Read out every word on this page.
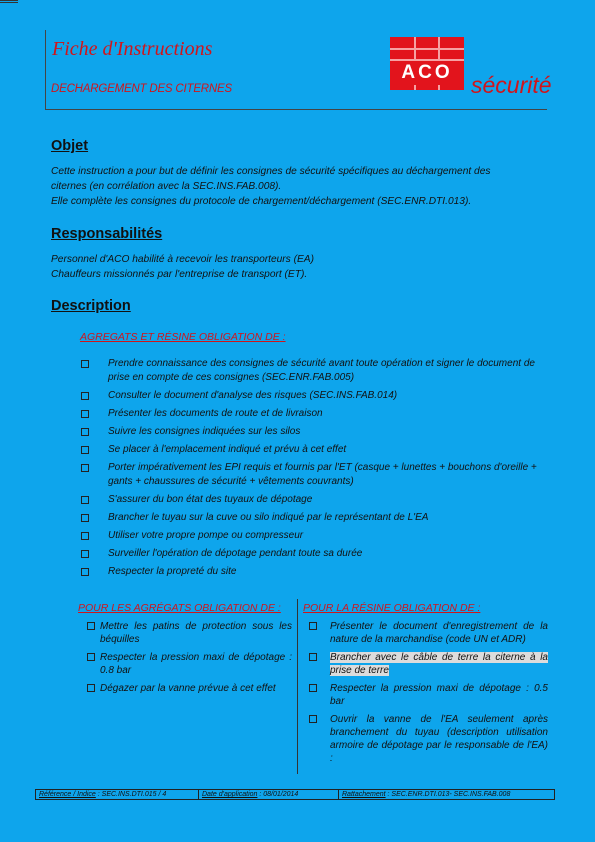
Fiche d'Instructions
DECHARGEMENT DES CITERNES
ACO sécurité
Objet
Cette instruction a pour but de définir les consignes de sécurité spécifiques au déchargement des
citernes (en corrélation avec la SEC.INS.FAB.008).
Elle complète les consignes du protocole de chargement/déchargement (SEC.ENR.DTI.013).
Responsabilités
Personnel d'ACO habilité à recevoir les transporteurs (EA)
Chauffeurs missionnés par l'entreprise de transport (ET).
Description
AGREGATS ET RÉSINE OBLIGATION DE :
Prendre connaissance des consignes de sécurité avant toute opération et signer le document de prise en compte de ces consignes (SEC.ENR.FAB.005)
Consulter le document d'analyse des risques (SEC.INS.FAB.014)
Présenter les documents de route et de livraison
Suivre les consignes indiquées sur les silos
Se placer à l'emplacement indiqué et prévu à cet effet
Porter impérativement les EPI requis et fournis par l'ET (casque + lunettes + bouchons d'oreille + gants + chaussures de sécurité + vêtements couvrants)
S'assurer du bon état des tuyaux de dépotage
Brancher le tuyau sur la cuve ou silo indiqué par le représentant de L'EA
Utiliser votre propre pompe ou compresseur
Surveiller l'opération de dépotage pendant toute sa durée
Respecter la propreté du site
POUR LES AGRÉGATS OBLIGATION DE : POUR LA RÉSINE OBLIGATION DE :
Mettre les patins de protection sous les béquilles
Respecter la pression maxi de dépotage : 0.8 bar
Dégazer par la vanne prévue à cet effet
Présenter le document d'enregistrement de la nature de la marchandise (code UN et ADR)
Brancher avec le câble de terre la citerne à la prise de terre
Respecter la pression maxi de dépotage : 0.5 bar
Ouvrir la vanne de l'EA seulement après branchement du tuyau (description utilisation armoire de dépotage par le responsable de l'EA) :
Référence / Indice : SEC.INS.DTI.015 / 4	Date d'application : 08/01/2014	Rattachement : SEC.ENR.DTI.013- SEC.INS.FAB.008
